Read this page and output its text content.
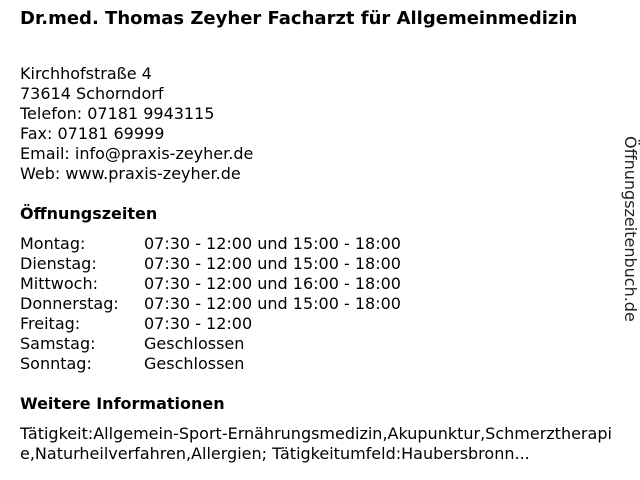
Dr.med. Thomas Zeyher Facharzt für Allgemeinmedizin
Kirchhofstraße 4
73614 Schorndorf
Telefon: 07181 9943115
Fax: 07181 69999
Email: info@praxis-zeyher.de
Web: www.praxis-zeyher.de
Öffnungszeiten
Montag:	07:30 - 12:00 und 15:00 - 18:00
Dienstag:	07:30 - 12:00 und 15:00 - 18:00
Mittwoch:	07:30 - 12:00 und 16:00 - 18:00
Donnerstag:	07:30 - 12:00 und 15:00 - 18:00
Freitag:	07:30 - 12:00
Samstag:	Geschlossen
Sonntag:	Geschlossen
Weitere Informationen
Tätigkeit:Allgemein-Sport-Ernährungsmedizin,Akupunktur,Schmerztherapie,Naturheilverfahren,Allergien; Tätigkeitumfeld:Haubersbronn...
Öffnungszeitenbuch.de
